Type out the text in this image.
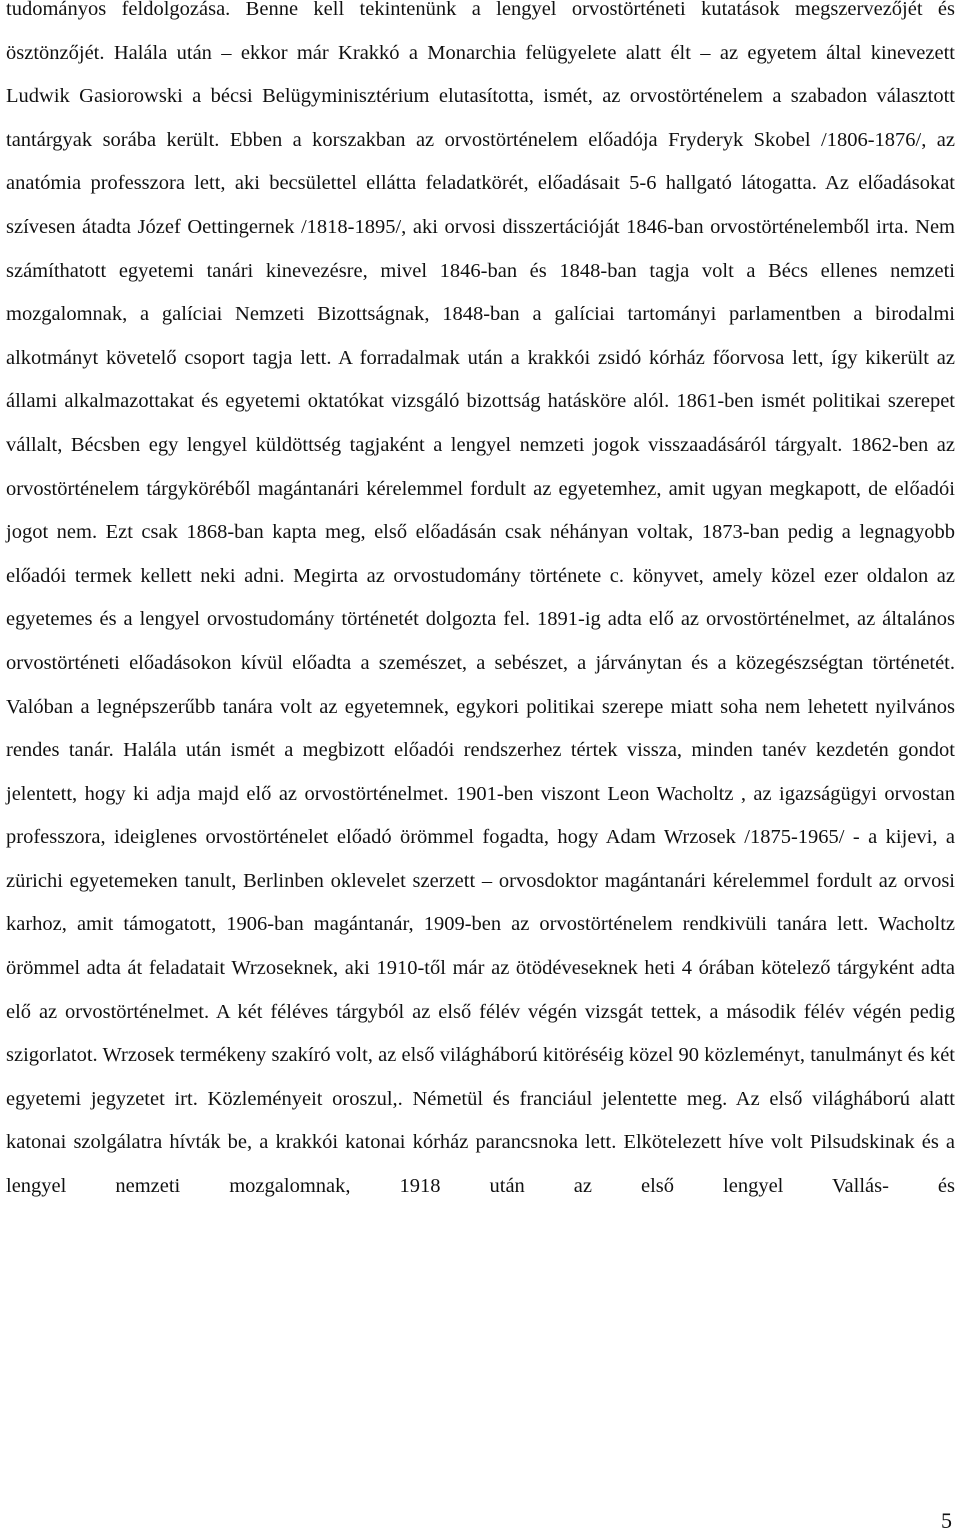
tudományos feldolgozása. Benne kell tekintenünk a lengyel orvostörténeti kutatások megszervezőjét és ösztönzőjét. Halála után – ekkor már Krakkó a Monarchia felügyelete alatt élt – az egyetem által kinevezett Ludwik Gasiorowski a bécsi Belügyminisztérium elutasította, ismét, az orvostörténelem a szabadon választott tantárgyak sorába került. Ebben a korszakban az orvostörténelem előadója Fryderyk Skobel /1806-1876/, az anatómia professzora lett, aki becsülettel ellátta feladatkörét, előadásait 5-6 hallgató látogatta. Az előadásokat szívesen átadta Józef Oettingernek /1818-1895/, aki orvosi disszertációját 1846-ban orvostörténelemből irta. Nem számíthatott egyetemi tanári kinevezésre, mivel 1846-ban és 1848-ban tagja volt a Bécs ellenes nemzeti mozgalomnak, a galíciai Nemzeti Bizottságnak, 1848-ban a galíciai tartományi parlamentben a birodalmi alkotmányt követelő csoport tagja lett. A forradalmak után a krakkói zsidó kórház főorvosa lett, így kikerült az állami alkalmazottakat és egyetemi oktatókat vizsgáló bizottság hatásköre alól. 1861-ben ismét politikai szerepet vállalt, Bécsben egy lengyel küldöttség tagjaként a lengyel nemzeti jogok visszaadásáról tárgyalt. 1862-ben az orvostörténelem tárgyköréből magántanári kérelemmel fordult az egyetemhez, amit ugyan megkapott, de előadói jogot nem. Ezt csak 1868-ban kapta meg, első előadásán csak néhányan voltak, 1873-ban pedig a legnagyobb előadói termek kellett neki adni. Megirta az orvostudomány története c. könyvet, amely közel ezer oldalon az egyetemes és a lengyel orvostudomány történetét dolgozta fel. 1891-ig adta elő az orvostörténelmet, az általános orvostörténeti előadásokon kívül előadta a szemészet, a sebészet, a járványtan és a közegészségtan történetét. Valóban a legnépszerűbb tanára volt az egyetemnek, egykori politikai szerepe miatt soha nem lehetett nyilvános rendes tanár. Halála után ismét a megbizott előadói rendszerhez tértek vissza, minden tanév kezdetén gondot jelentett, hogy ki adja majd elő az orvostörténelmet. 1901-ben viszont Leon Wacholtz , az igazságügyi orvostan professzora, ideiglenes orvostörténelet előadó örömmel fogadta, hogy Adam Wrzosek /1875-1965/ - a kijevi, a zürichi egyetemeken tanult, Berlinben oklevelet szerzett – orvosdoktor magántanári kérelemmel fordult az orvosi karhoz, amit támogatott, 1906-ban magántanár, 1909-ben az orvostörténelem rendkivüli tanára lett. Wacholtz örömmel adta át feladatait Wrzoseknek, aki 1910-től már az ötödéveseknek heti 4 órában kötelező tárgyként adta elő az orvostörténelmet. A két féléves tárgyból az első félév végén vizsgát tettek, a második félév végén pedig szigorlatot. Wrzosek termékeny szakíró volt, az első világháború kitöréséig közel 90 közleményt, tanulmányt és két egyetemi jegyzetet irt. Közleményeit oroszul,. Németül és franciául jelentette meg. Az első világháború alatt katonai szolgálatra hívták be, a krakkói katonai kórház parancsnoka lett. Elkötelezett híve volt Pilsudskinak és a lengyel nemzeti mozgalomnak, 1918 után az első lengyel Vallás- és

5
